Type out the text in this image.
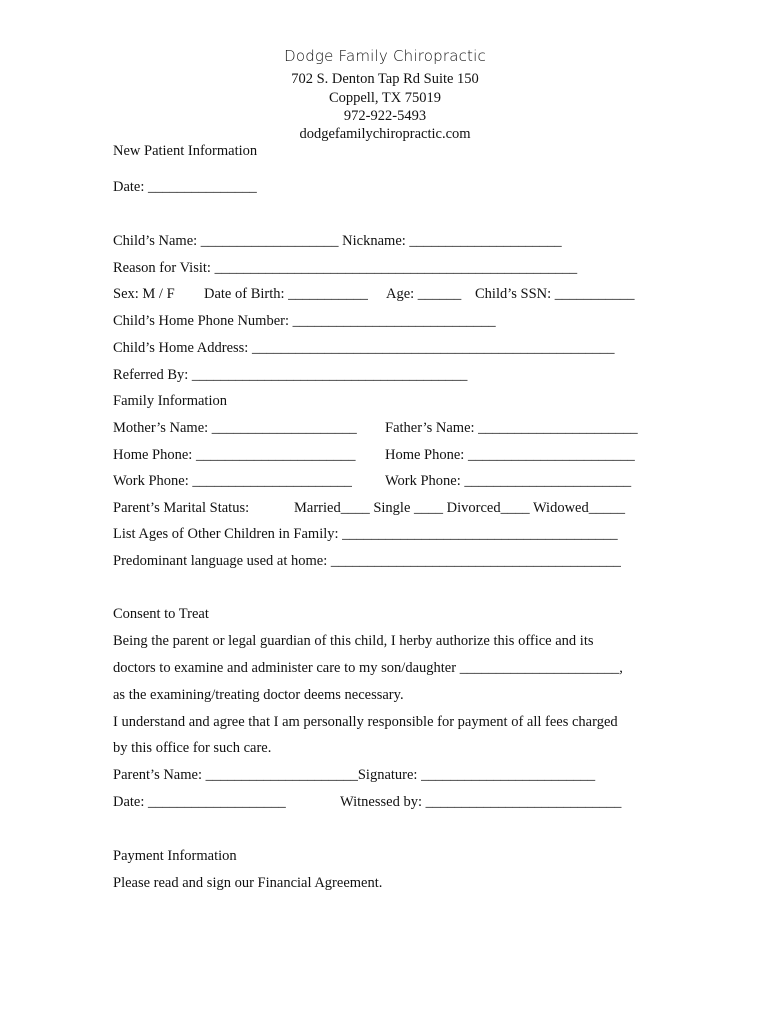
Dodge Family Chiropractic
702 S. Denton Tap Rd Suite 150
Coppell, TX 75019
972-922-5493
dodgefamilychiropractic.com
New Patient Information
Date: _______________
Child’s Name: ___________________ Nickname: _____________________
Reason for Visit: __________________________________________________
Sex: M / F Date of Birth: ___________ Age: ______ Child’s SSN: ___________
Child’s Home Phone Number: ____________________________
Child’s Home Address: __________________________________________________
Referred By: ______________________________________
Family Information
Mother’s Name: ____________________ Father’s Name: ______________________
Home Phone: ______________________ Home Phone: _______________________
Work Phone: ______________________ Work Phone: _______________________
Parent’s Marital Status:	Married____ Single ____ Divorced____ Widowed_____
List Ages of Other Children in Family: ______________________________________
Predominant language used at home: ________________________________________
Consent to Treat
Being the parent or legal guardian of this child, I herby authorize this office and its
doctors to examine and administer care to my son/daughter ______________________,
as the examining/treating doctor deems necessary.
I understand and agree that I am personally responsible for payment of all fees charged
by this office for such care.
Parent’s Name: _____________________Signature: ________________________
Date: ___________________	Witnessed by: ___________________________
Payment Information
Please read and sign our Financial Agreement.
